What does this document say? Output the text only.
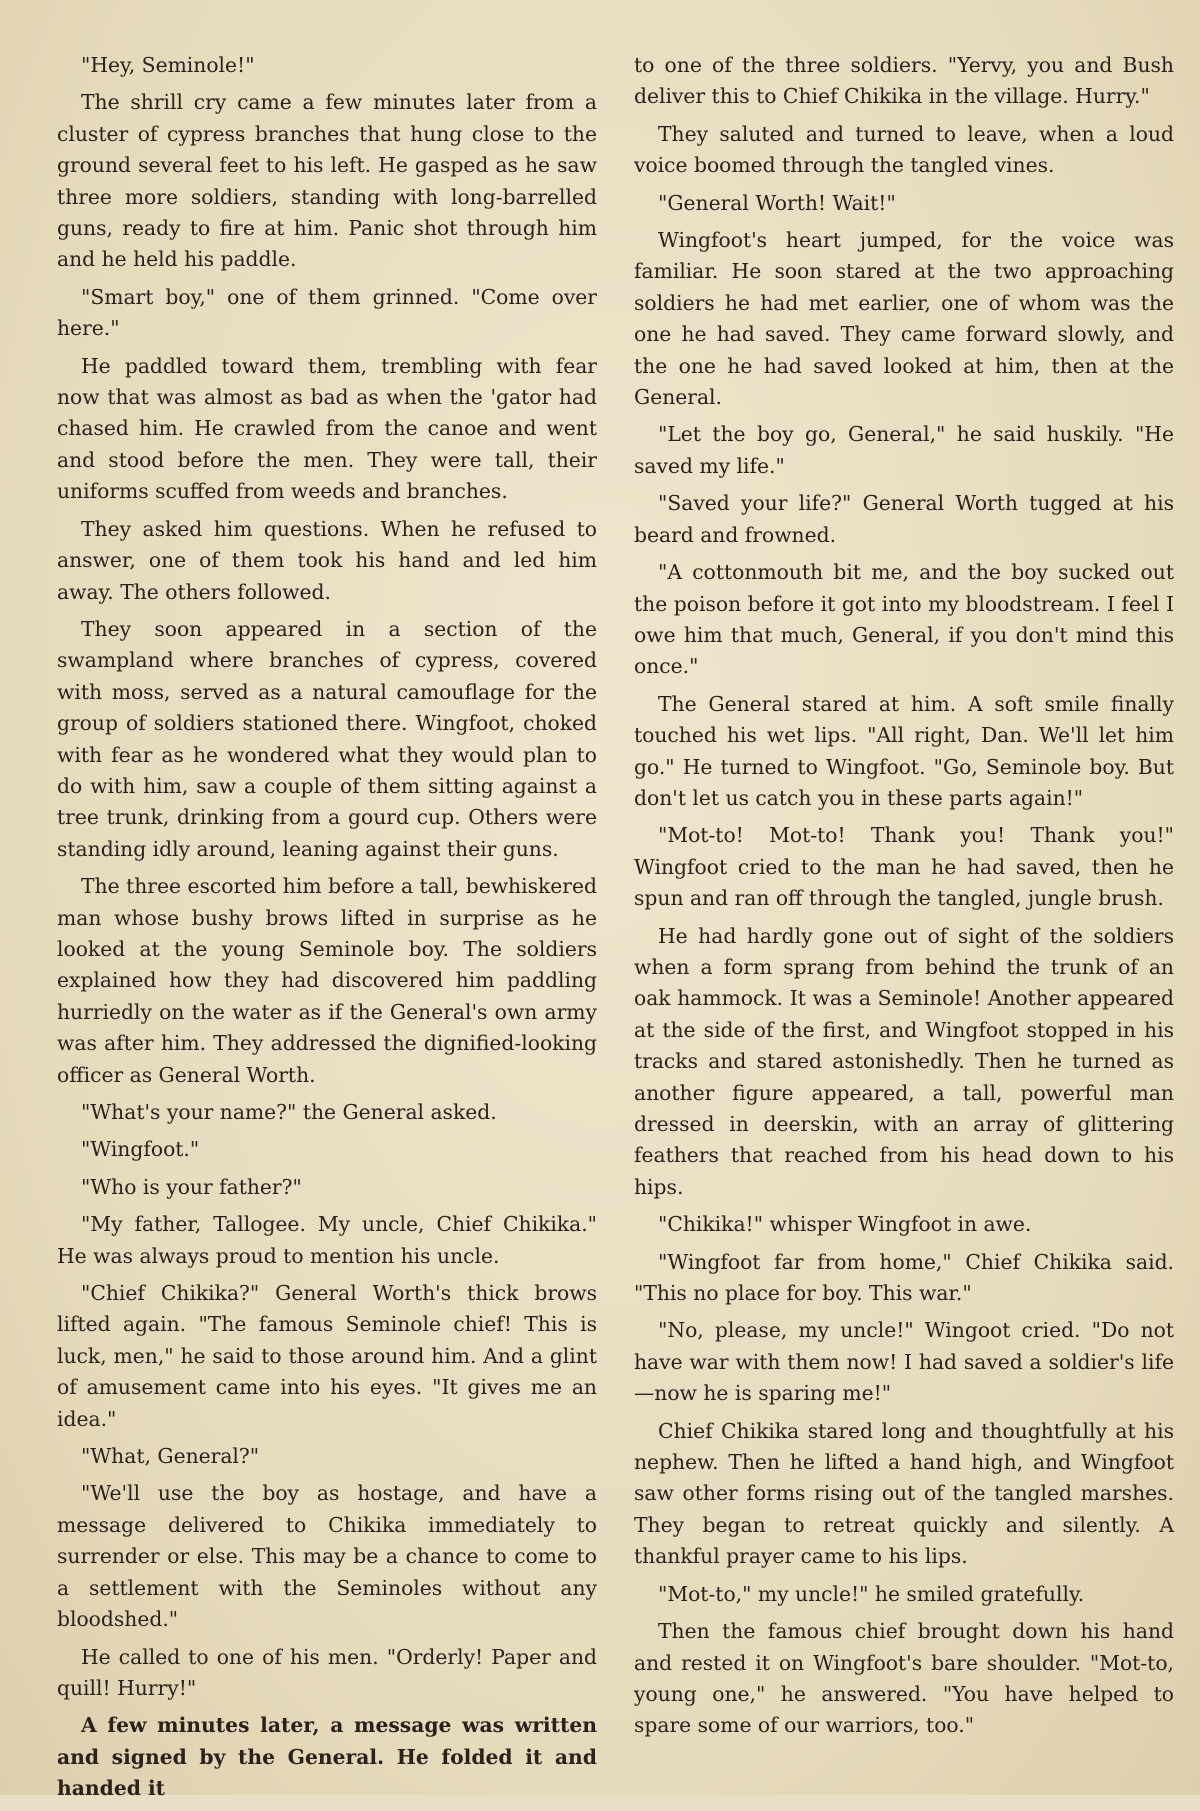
"Hey, Seminole!"

The shrill cry came a few minutes later from a cluster of cypress branches that hung close to the ground several feet to his left. He gasped as he saw three more soldiers, standing with long-barrelled guns, ready to fire at him. Panic shot through him and he held his paddle.

"Smart boy," one of them grinned. "Come over here."

He paddled toward them, trembling with fear now that was almost as bad as when the 'gator had chased him. He crawled from the canoe and went and stood before the men. They were tall, their uniforms scuffed from weeds and branches.

They asked him questions. When he refused to answer, one of them took his hand and led him away. The others followed.

They soon appeared in a section of the swampland where branches of cypress, covered with moss, served as a natural camouflage for the group of soldiers stationed there. Wingfoot, choked with fear as he wondered what they would plan to do with him, saw a couple of them sitting against a tree trunk, drinking from a gourd cup. Others were standing idly around, leaning against their guns.

The three escorted him before a tall, bewhiskered man whose bushy brows lifted in surprise as he looked at the young Seminole boy. The soldiers explained how they had discovered him paddling hurriedly on the water as if the General's own army was after him. They addressed the dignified-looking officer as General Worth.

"What's your name?" the General asked.

"Wingfoot."

"Who is your father?"

"My father, Tallogee. My uncle, Chief Chikika." He was always proud to mention his uncle.

"Chief Chikika?" General Worth's thick brows lifted again. "The famous Seminole chief! This is luck, men," he said to those around him. And a glint of amusement came into his eyes. "It gives me an idea."

"What, General?"

"We'll use the boy as hostage, and have a message delivered to Chikika immediately to surrender or else. This may be a chance to come to a settlement with the Seminoles without any bloodshed."

He called to one of his men. "Orderly! Paper and quill! Hurry!"

A few minutes later, a message was written and signed by the General. He folded it and handed it

to one of the three soldiers. "Yervy, you and Bush deliver this to Chief Chikika in the village. Hurry."

They saluted and turned to leave, when a loud voice boomed through the tangled vines.

"General Worth! Wait!"

Wingfoot's heart jumped, for the voice was familiar. He soon stared at the two approaching soldiers he had met earlier, one of whom was the one he had saved. They came forward slowly, and the one he had saved looked at him, then at the General.

"Let the boy go, General," he said huskily. "He saved my life."

"Saved your life?" General Worth tugged at his beard and frowned.

"A cottonmouth bit me, and the boy sucked out the poison before it got into my bloodstream. I feel I owe him that much, General, if you don't mind this once."

The General stared at him. A soft smile finally touched his wet lips. "All right, Dan. We'll let him go." He turned to Wingfoot. "Go, Seminole boy. But don't let us catch you in these parts again!"

"Mot-to! Mot-to! Thank you! Thank you!" Wingfoot cried to the man he had saved, then he spun and ran off through the tangled, jungle brush.

He had hardly gone out of sight of the soldiers when a form sprang from behind the trunk of an oak hammock. It was a Seminole! Another appeared at the side of the first, and Wingfoot stopped in his tracks and stared astonishedly. Then he turned as another figure appeared, a tall, powerful man dressed in deerskin, with an array of glittering feathers that reached from his head down to his hips.

"Chikika!" whisper Wingfoot in awe.

"Wingfoot far from home," Chief Chikika said. "This no place for boy. This war."

"No, please, my uncle!" Wingoot cried. "Do not have war with them now! I had saved a soldier's life—now he is sparing me!"

Chief Chikika stared long and thoughtfully at his nephew. Then he lifted a hand high, and Wingfoot saw other forms rising out of the tangled marshes. They began to retreat quickly and silently. A thankful prayer came to his lips.

"Mot-to," my uncle!" he smiled gratefully.

Then the famous chief brought down his hand and rested it on Wingfoot's bare shoulder. "Mot-to, young one," he answered. "You have helped to spare some of our warriors, too."
